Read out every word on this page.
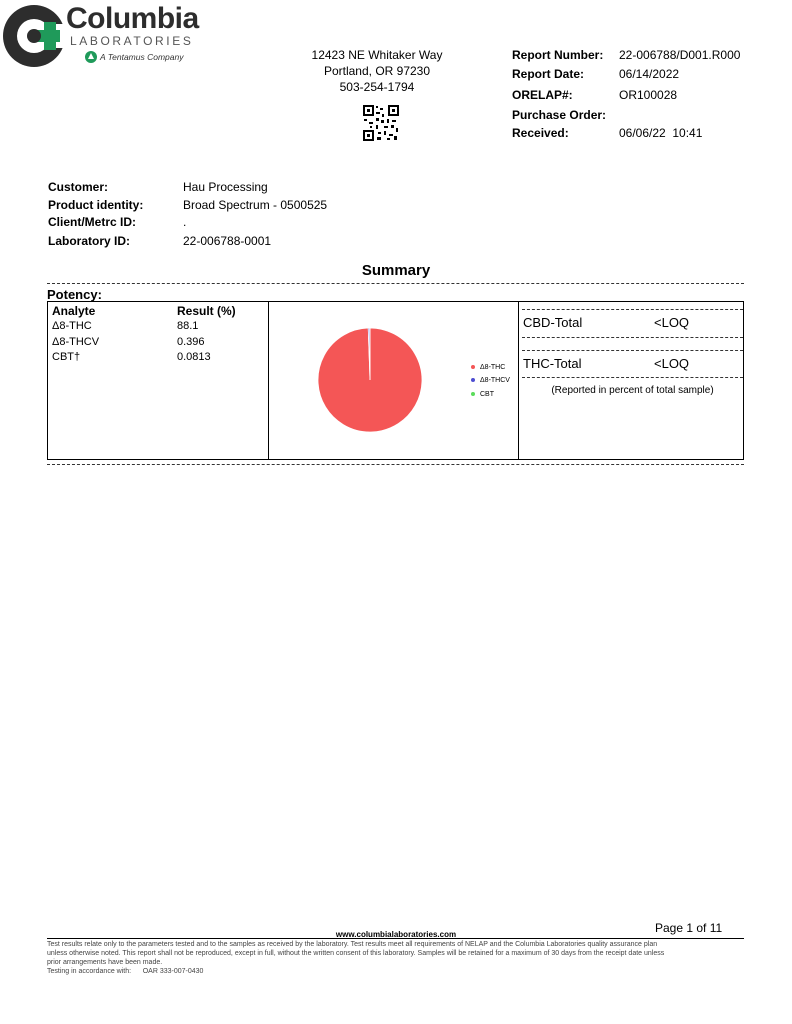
Columbia
LABORATORIES
A Tentamus Company	12423 NE Whitaker Way
Portland, OR 97230
503-254-1794
Report Number: 22-006788/D001.R000
Report Date:	06/14/2022
ORELAP#:	OR100028
Purchase Order:
Received:	06/06/22  10:41
Customer:	Hau Processing
Product identity:	Broad Spectrum - 0500525
Client/Metrc ID:	.
Laboratory ID:	22-006788-0001
Summary
Potency:
Analyte	Result (%)
Δ8-THC	88.1
Δ8-THCV	0.396
CBT†	0.0813
Δ8-THC
Δ8-THCV
CBT
CBD-Total	<LOQ
THC-Total	<LOQ
(Reported in percent of total sample)
Page 1 of 11
www.columbialaboratories.com
Test results relate only to the parameters tested and to the samples as received by the laboratory. Test results meet all requirements of NELAP and the Columbia Laboratories quality assurance plan
unless otherwise noted. This report shall not be reproduced, except in full, without the written consent of this laboratory. Samples will be retained for a maximum of 30 days from the receipt date unless
prior arrangements have been made.
Testing in accordance with:      OAR 333-007-0430
